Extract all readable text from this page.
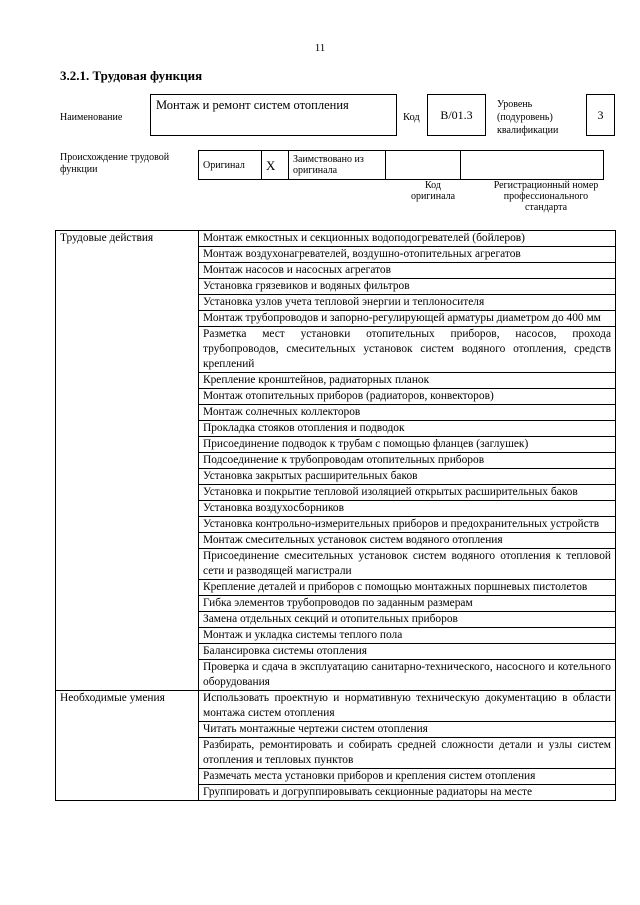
11
3.2.1. Трудовая функция
Наименование
Монтаж и ремонт систем отопления
Код B/01.3
Уровень
(подуровень)
квалификации
3
Происхождение трудовой функции	Оригинал	X	Заимствовано из оригинала		
Код
оригинала
Регистрационный номер
профессионального
стандарта
Трудовые действия	Монтаж емкостных и секционных водоподогревателей (бойлеров)
	Монтаж воздухонагревателей, воздушно-отопительных агрегатов
	Монтаж насосов и насосных агрегатов
	Установка грязевиков и водяных фильтров
	Установка узлов учета тепловой энергии и теплоносителя
	Монтаж трубопроводов и запорно-регулирующей арматуры диаметром до 400 мм
	Разметка мест установки отопительных приборов, насосов, прохода трубопроводов, смесительных установок систем водяного отопления, средств креплений
	Крепление кронштейнов, радиаторных планок
	Монтаж отопительных приборов (радиаторов, конвекторов)
	Монтаж солнечных коллекторов
	Прокладка стояков отопления и подводок
	Присоединение подводок к трубам с помощью фланцев (заглушек)
	Подсоединение к трубопроводам отопительных приборов
	Установка закрытых расширительных баков
	Установка и покрытие тепловой изоляцией открытых расширительных баков
	Установка воздухосборников
	Установка контрольно-измерительных приборов и предохранительных устройств
	Монтаж смесительных установок систем водяного отопления
	Присоединение смесительных установок систем водяного отопления к тепловой сети и разводящей магистрали
	Крепление деталей и приборов с помощью монтажных поршневых пистолетов
	Гибка элементов трубопроводов по заданным размерам
	Замена отдельных секций и отопительных приборов
	Монтаж и укладка системы теплого пола
	Балансировка системы отопления
	Проверка и сдача в эксплуатацию санитарно-технического, насосного и котельного оборудования
Необходимые умения	Использовать проектную и нормативную техническую документацию в области монтажа систем отопления
	Читать монтажные чертежи систем отопления
	Разбирать, ремонтировать и собирать средней сложности детали и узлы систем отопления и тепловых пунктов
	Размечать места установки приборов и крепления систем отопления
	Группировать и догруппировывать секционные радиаторы на месте
